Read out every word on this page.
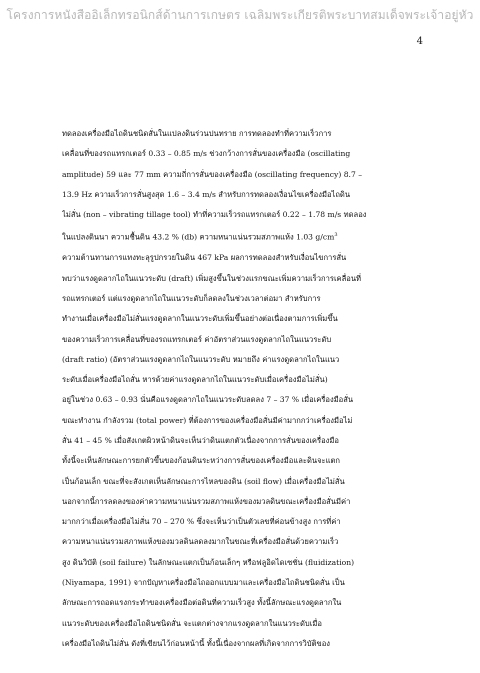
โครงการหนังสืออิเล็กทรอนิกส์ด้านการเกษตร เฉลิมพระเกียรติพระบาทสมเด็จพระเจ้าอยู่หัว
4
ทดลองเครื่องมือไถดินชนิดสั่นในแปลงดินร่วนปนทราย การทดลองทำที่ความเร็วการ
เคลื่อนที่ของรถแทรกเตอร์ 0.33 – 0.85 m/s ช่วงกว้างการสั่นของเครื่องมือ (oscillating
amplitude) 59 และ 77 mm ความถี่การสั่นของเครื่องมือ (oscillating frequency) 8.7 –
13.9 Hz ความเร็วการสั่นสูงสุด 1.6 – 3.4 m/s สำหรับการทดลองเงื่อนไขเครื่องมือไถดิน
ไม่สั่น (non – vibrating tillage tool) ทำที่ความเร็วรถแทรกเตอร์ 0.22 – 1.78 m/s ทดลอง
ในแปลงดินนา ความชื้นดิน 43.2 % (db) ความหนาแน่นรวมสภาพแห้ง 1.03 $g/cm^3$
ความต้านทานการแทงทะลุรูปกรวยในดิน 467 kPa ผลการทดลองสำหรับเงื่อนไขการสั่น
พบว่าแรงดูดลากไถในแนวระดับ (draft) เพิ่มสูงขึ้นในช่วงแรกขณะเพิ่มความเร็วการเคลื่อนที่
รถแทรกเตอร์ แต่แรงดูดลากไถในแนวระดับก็ลดลงในช่วงเวลาต่อมา สำหรับการ
ทำงานเมื่อเครื่องมือไม่สั่นแรงดูดลากในแนวระดับเพิ่มขึ้นอย่างต่อเนื่องตามการเพิ่มขึ้น
ของความเร็วการเคลื่อนที่ของรถแทรกเตอร์ ค่าอัตราส่วนแรงดูดลากไถในแนวระดับ
(draft ratio) (อัตราส่วนแรงดูดลากไถในแนวระดับ หมายถึง ค่าแรงดูดลากไถในแนว
ระดับเมื่อเครื่องมือไถสั่น หารด้วยค่าแรงดูดลากไถในแนวระดับเมื่อเครื่องมือไม่สั่น)
อยู่ในช่วง 0.63 – 0.93 นั่นคือแรงดูดลากไถในแนวระดับลดลง 7 – 37 % เมื่อเครื่องมือสั่น
ขณะทำงาน กำลังรวม (total power) ที่ต้องการของเครื่องมือสั่นมีค่ามากกว่าเครื่องมือไม่
สั่น 41 – 45 % เมื่อสังเกตผิวหน้าดินจะเห็นว่าดินแตกตัวเนื่องจากการสั่นของเครื่องมือ
ทั้งนี้จะเห็นลักษณะการยกตัวขึ้นของก้อนดินระหว่างการสั่นของเครื่องมือและดินจะแตก
เป็นก้อนเล็ก ขณะที่จะสังเกตเห็นลักษณะการไหลของดิน (soil flow) เมื่อเครื่องมือไม่สั่น
นอกจากนี้การลดลงของค่าความหนาแน่นรวมสภาพแห้งของมวลดินขณะเครื่องมือสั่นมีค่า
มากกว่าเมื่อเครื่องมือไม่สั่น 70 – 270 % ซึ่งจะเห็นว่าเป็นตัวเลขที่ค่อนข้างสูง การที่ค่า
ความหนาแน่นรวมสภาพแห้งของมวลดินลดลงมากในขณะที่เครื่องมือสั่นด้วยความเร็ว
สูง ดินวิบัติ (soil failure) ในลักษณะแตกเป็นก้อนเล็กๆ หรือฟลูอิดไดเซชั่น (fluidization)
(Niyamapa, 1991) จากปัญหาเครื่องมือไถออกแบบมาและเครื่องมือไถดินชนิดสั่น เป็น
ลักษณะการถอดแรงกระทำของเครื่องมือต่อดินที่ความเร็วสูง ทั้งนี้ลักษณะแรงดูดลากใน
แนวระดับของเครื่องมือไถดินชนิดสั่น จะแตกต่างจากแรงดูดลากในแนวระดับเมื่อ
เครื่องมือไถดินไม่สั่น ดังที่เขียนไว้ก่อนหน้านี้ ทั้งนี้เนื่องจากผลที่เกิดจากการวิบัติของ
